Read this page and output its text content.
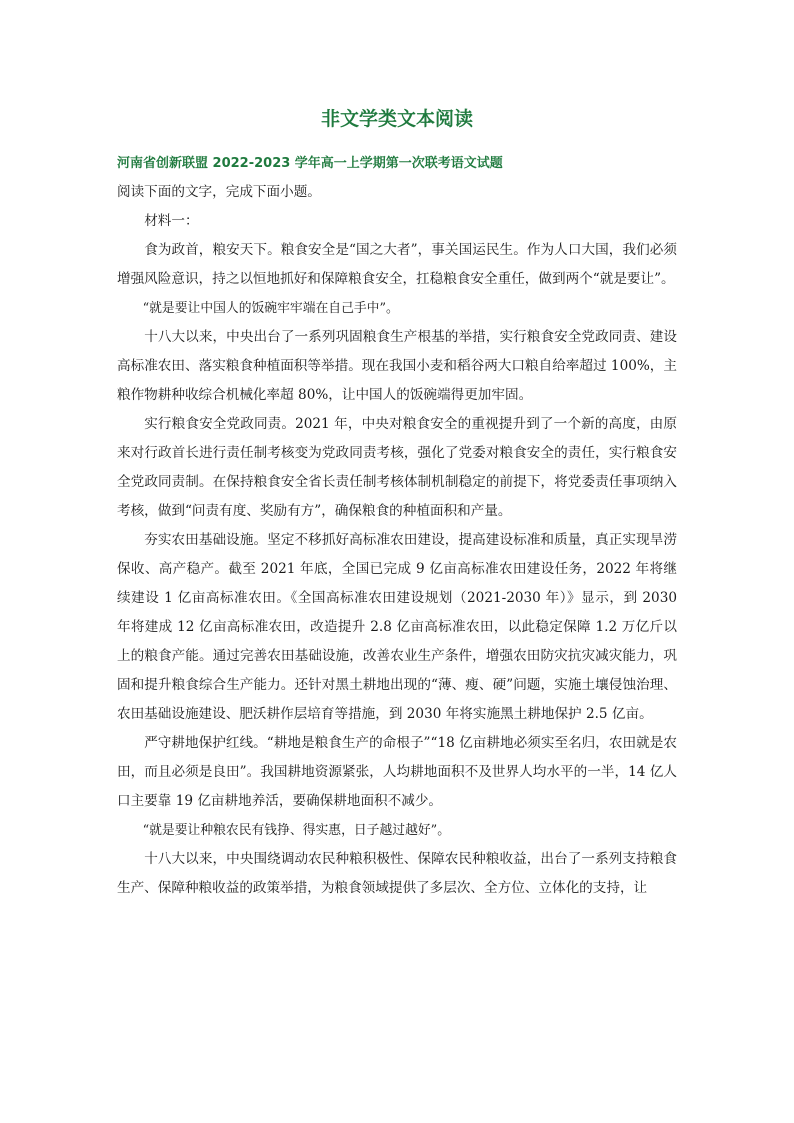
非文学类文本阅读
河南省创新联盟 2022-2023 学年高一上学期第一次联考语文试题

阅读下面的文字，完成下面小题。

材料一：

食为政首，粮安天下。粮食安全是“国之大者”，事关国运民生。作为人口大国，我们必须增强风险意识，持之以恒地抓好和保障粮食安全，扛稳粮食安全重任，做到两个“就是要让”。

“就是要让中国人的饭碗牢牢端在自己手中”。

十八大以来，中央出台了一系列巩固粮食生产根基的举措，实行粮食安全党政同责、建设高标准农田、落实粮食种植面积等举措。现在我国小麦和稻谷两大口粮自给率超过 100%，主粮作物耕种收综合机械化率超 80%，让中国人的饭碗端得更加牢固。

实行粮食安全党政同责。2021 年，中央对粮食安全的重视提升到了一个新的高度，由原来对行政首长进行责任制考核变为党政同责考核，强化了党委对粮食安全的责任，实行粮食安全党政同责制。在保持粮食安全省长责任制考核体制机制稳定的前提下，将党委责任事项纳入考核，做到“问责有度、奖励有方”，确保粮食的种植面积和产量。

夯实农田基础设施。坚定不移抓好高标准农田建设，提高建设标准和质量，真正实现旱涝保收、高产稳产。截至 2021 年底，全国已完成 9 亿亩高标准农田建设任务，2022 年将继续建设 1 亿亩高标准农田。《全国高标准农田建设规划（2021-2030 年）》显示，到 2030 年将建成 12 亿亩高标准农田，改造提升 2.8 亿亩高标准农田，以此稳定保障 1.2 万亿斤以上的粮食产能。通过完善农田基础设施，改善农业生产条件，增强农田防灾抗灾减灾能力，巩固和提升粮食综合生产能力。还针对黑土耕地出现的“薄、瘦、硬”问题，实施土壤侵蚀治理、农田基础设施建设、肥沃耕作层培育等措施，到 2030 年将实施黑土耕地保护 2.5 亿亩。

严守耕地保护红线。“耕地是粮食生产的命根子”“18 亿亩耕地必须实至名归，农田就是农田，而且必须是良田”。我国耕地资源紧张，人均耕地面积不及世界人均水平的一半，14 亿人口主要靠 19 亿亩耕地养活，要确保耕地面积不减少。

“就是要让种粮农民有钱挣、得实惠，日子越过越好”。

十八大以来，中央围绕调动农民种粮积极性、保障农民种粮收益，出台了一系列支持粮食生产、保障种粮收益的政策举措，为粮食领域提供了多层次、全方位、立体化的支持，让
